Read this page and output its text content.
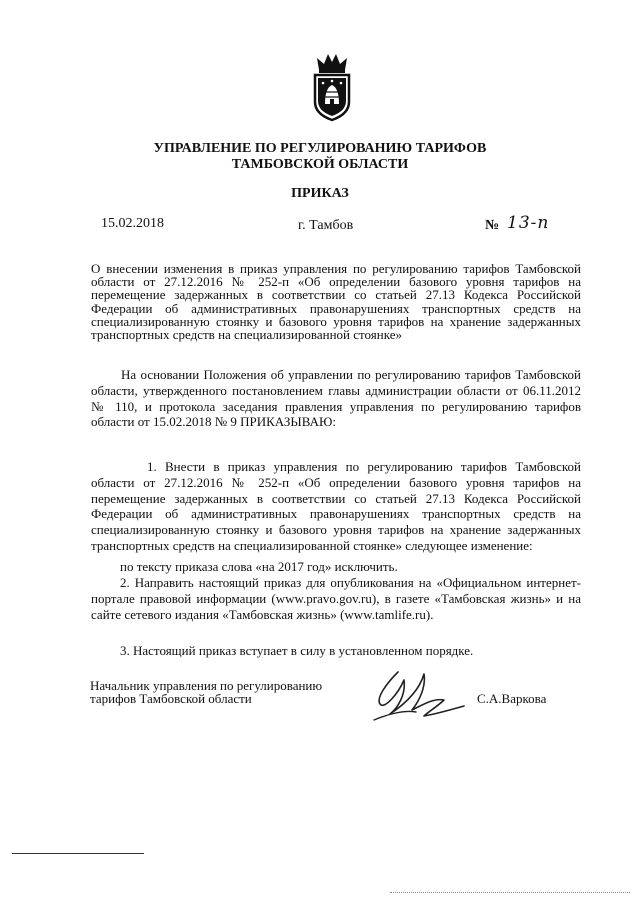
УПРАВЛЕНИЕ ПО РЕГУЛИРОВАНИЮ ТАРИФОВ
ТАМБОВСКОЙ ОБЛАСТИ
ПРИКАЗ
15.02.2018	г. Тамбов	№ 13-п

О внесении изменения в приказ управления по регулированию тарифов Тамбовской области от 27.12.2016 № 252-п «Об определении базового уровня тарифов на перемещение задержанных в соответствии со статьей 27.13 Кодекса Российской Федерации об административных правонарушениях транспортных средств на специализированную стоянку и базового уровня тарифов на хранение задержанных транспортных средств на специализированной стоянке»

На основании Положения об управлении по регулированию тарифов Тамбовской области, утвержденного постановлением главы администрации области от 06.11.2012 № 110, и протокола заседания правления управления по регулированию тарифов области от 15.02.2018 № 9 ПРИКАЗЫВАЮ:

1. Внести в приказ управления по регулированию тарифов Тамбовской области от 27.12.2016 № 252-п «Об определении базового уровня тарифов на перемещение задержанных в соответствии со статьей 27.13 Кодекса Российской Федерации об административных правонарушениях транспортных средств на специализированную стоянку и базового уровня тарифов на хранение задержанных транспортных средств на специализированной стоянке» следующее изменение:

по тексту приказа слова «на 2017 год» исключить.

2. Направить настоящий приказ для опубликования на «Официальном интернет-портале правовой информации (www.pravo.gov.ru), в газете «Тамбовская жизнь» и на сайте сетевого издания «Тамбовская жизнь» (www.tamlife.ru).

3. Настоящий приказ вступает в силу в установленном порядке.

Начальник управления по регулированию
тарифов Тамбовской области	С.А.Варкова
